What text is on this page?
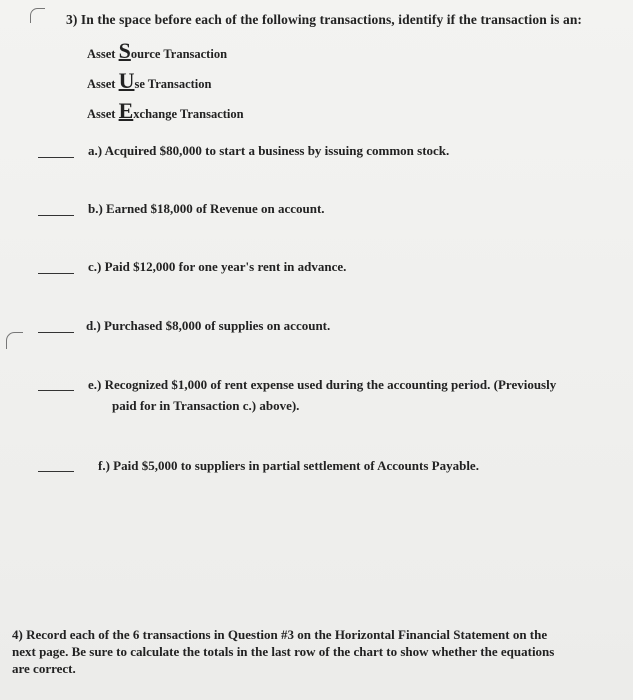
3) In the space before each of the following transactions, identify if the transaction is an:
Asset Source Transaction
Asset Use Transaction
Asset Exchange Transaction
a.) Acquired $80,000 to start a business by issuing common stock.
b.) Earned $18,000 of Revenue on account.
c.) Paid $12,000 for one year's rent in advance.
d.) Purchased $8,000 of supplies on account.
e.) Recognized $1,000 of rent expense used during the accounting period. (Previously
paid for in Transaction c.) above).
f.) Paid $5,000 to suppliers in partial settlement of Accounts Payable.
4) Record each of the 6 transactions in Question #3 on the Horizontal Financial Statement on the
next page. Be sure to calculate the totals in the last row of the chart to show whether the equations
are correct.
